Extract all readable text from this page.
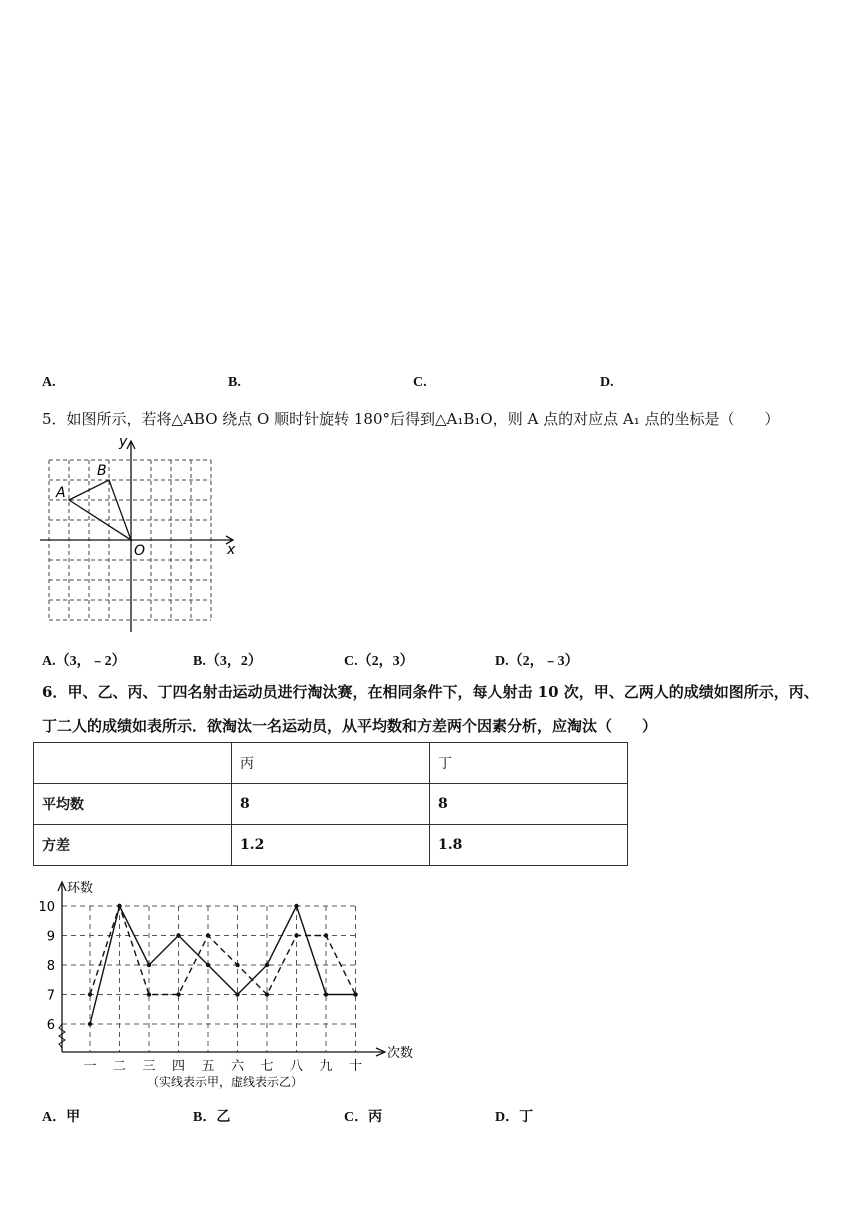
A.	B.	C.	D.
5．如图所示，若将△ABO 绕点 O 顺时针旋转 180°后得到△A₁B₁O，则 A 点的对应点 A₁ 点的坐标是（　　）
y
x
B
A
O
A.（3，﹣2）	B.（3，2）	C.（2，3）	D.（2，﹣3）
6．甲、乙、丙、丁四名射击运动员进行淘汰赛，在相同条件下，每人射击 10 次，甲、乙两人的成绩如图所示，丙、
丁二人的成绩如表所示．欲淘汰一名运动员，从平均数和方差两个因素分析，应淘汰（　　）
	丙	丁
平均数	8	8
方差	1.2	1.8
环数
次数
6
7
8
9
10
一 二 三 四 五 六 七 八 九 十
（实线表示甲，虚线表示乙）
A．甲	B．乙	C．丙	D．丁
